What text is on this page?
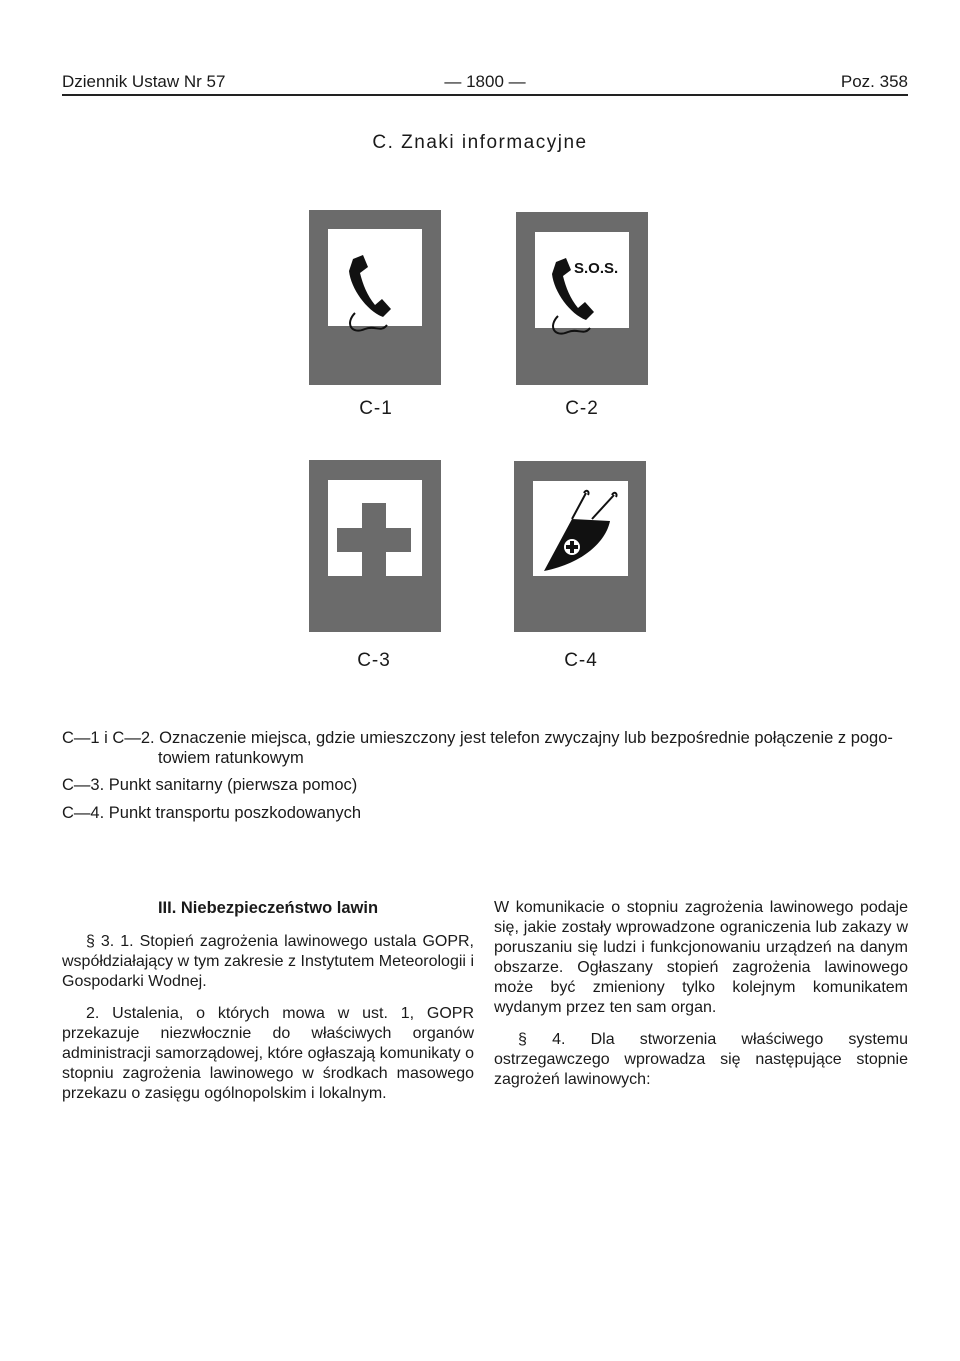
Dziennik Ustaw Nr 57	— 1800 —	Poz. 358
C. Znaki informacyjne
C-1
S.O.S.
C-2
C-3	C-4
C—1 i C—2. Oznaczenie miejsca, gdzie umieszczony jest telefon zwyczajny lub bezpośrednie połączenie z pogo-
towiem ratunkowym
C—3. Punkt sanitarny (pierwsza pomoc)
C—4. Punkt transportu poszkodowanych

III. Niebezpieczeństwo lawin

§ 3. 1. Stopień zagrożenia lawinowego ustala GOPR, współdziałający w tym zakresie z Instytutem Meteorologii i Gospodarki Wodnej.

2. Ustalenia, o których mowa w ust. 1, GOPR przekazuje niezwłocznie do właściwych organów administracji samorządowej, które ogłaszają komunikaty o stopniu zagrożenia lawinowego w środkach masowego przekazu o zasięgu ogólnopolskim i lokalnym.

W komunikacie o stopniu zagrożenia lawinowego podaje się, jakie zostały wprowadzone ograniczenia lub zakazy w poruszaniu się ludzi i funkcjonowaniu urządzeń na danym obszarze. Ogłaszany stopień zagrożenia lawinowego może być zmieniony tylko kolejnym komunikatem wydanym przez ten sam organ.

§ 4. Dla stworzenia właściwego systemu ostrzegawczego wprowadza się następujące stopnie zagrożeń lawinowych:
